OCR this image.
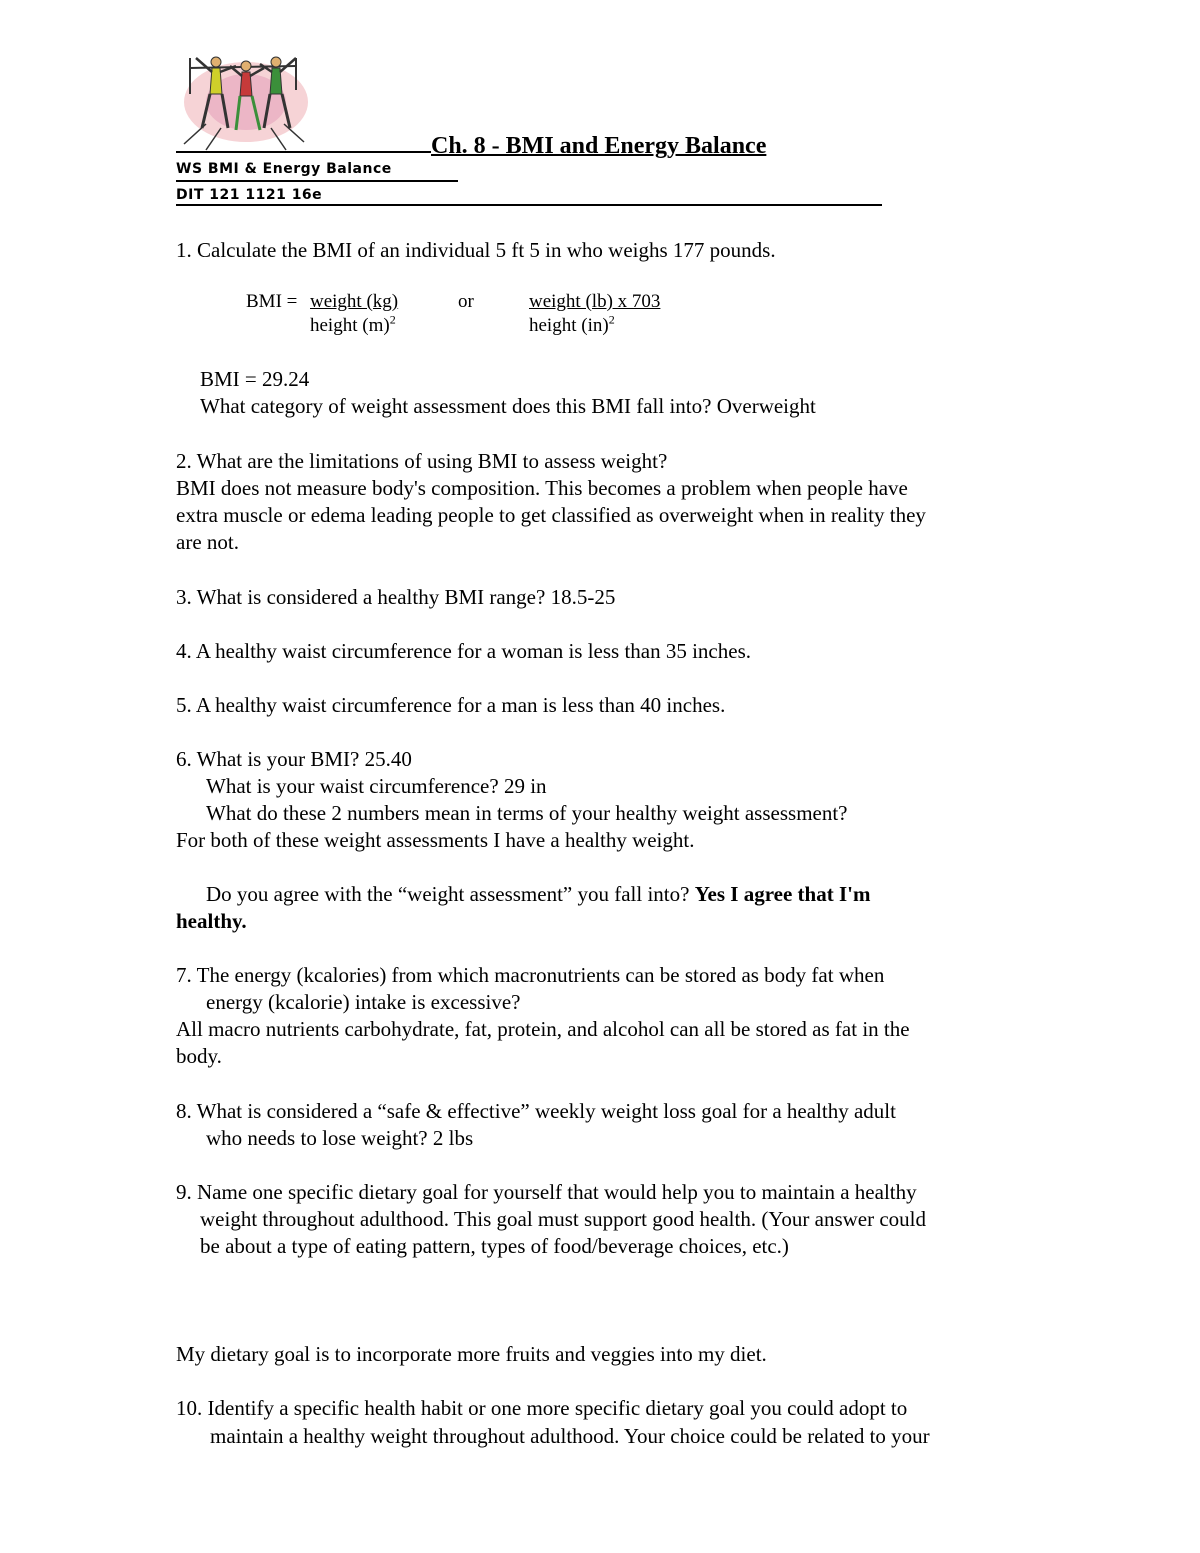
Ch. 8 - BMI and Energy Balance
WS BMI & Energy Balance
DIT 121 1121 16e
1. Calculate the BMI of an individual 5 ft 5 in who weighs 177 pounds.
BMI = weight (kg)
height $(m)^2$
or	weight (lb) x 703
height (in)$^2$
BMI = 29.24
What category of weight assessment does this BMI fall into? Overweight
2. What are the limitations of using BMI to assess weight?
BMI does not measure body's composition. This becomes a problem when people have
extra muscle or edema leading people to get classified as overweight when in reality they
are not.
3. What is considered a healthy BMI range? 18.5-25
4. A healthy waist circumference for a woman is less than 35 inches.
5. A healthy waist circumference for a man is less than 40 inches.
6. What is your BMI? 25.40
What is your waist circumference? 29 in
What do these 2 numbers mean in terms of your healthy weight assessment?
For both of these weight assessments I have a healthy weight.
Do you agree with the “weight assessment” you fall into? Yes I agree that I'm
healthy.
7. The energy (kcalories) from which macronutrients can be stored as body fat when
energy (kcalorie) intake is excessive?
All macro nutrients carbohydrate, fat, protein, and alcohol can all be stored as fat in the
body.
8. What is considered a “safe & effective” weekly weight loss goal for a healthy adult
who needs to lose weight? 2 lbs
9. Name one specific dietary goal for yourself that would help you to maintain a healthy
weight throughout adulthood. This goal must support good health. (Your answer could
be about a type of eating pattern, types of food/beverage choices, etc.)
My dietary goal is to incorporate more fruits and veggies into my diet.
10. Identify a specific health habit or one more specific dietary goal you could adopt to
maintain a healthy weight throughout adulthood. Your choice could be related to your
